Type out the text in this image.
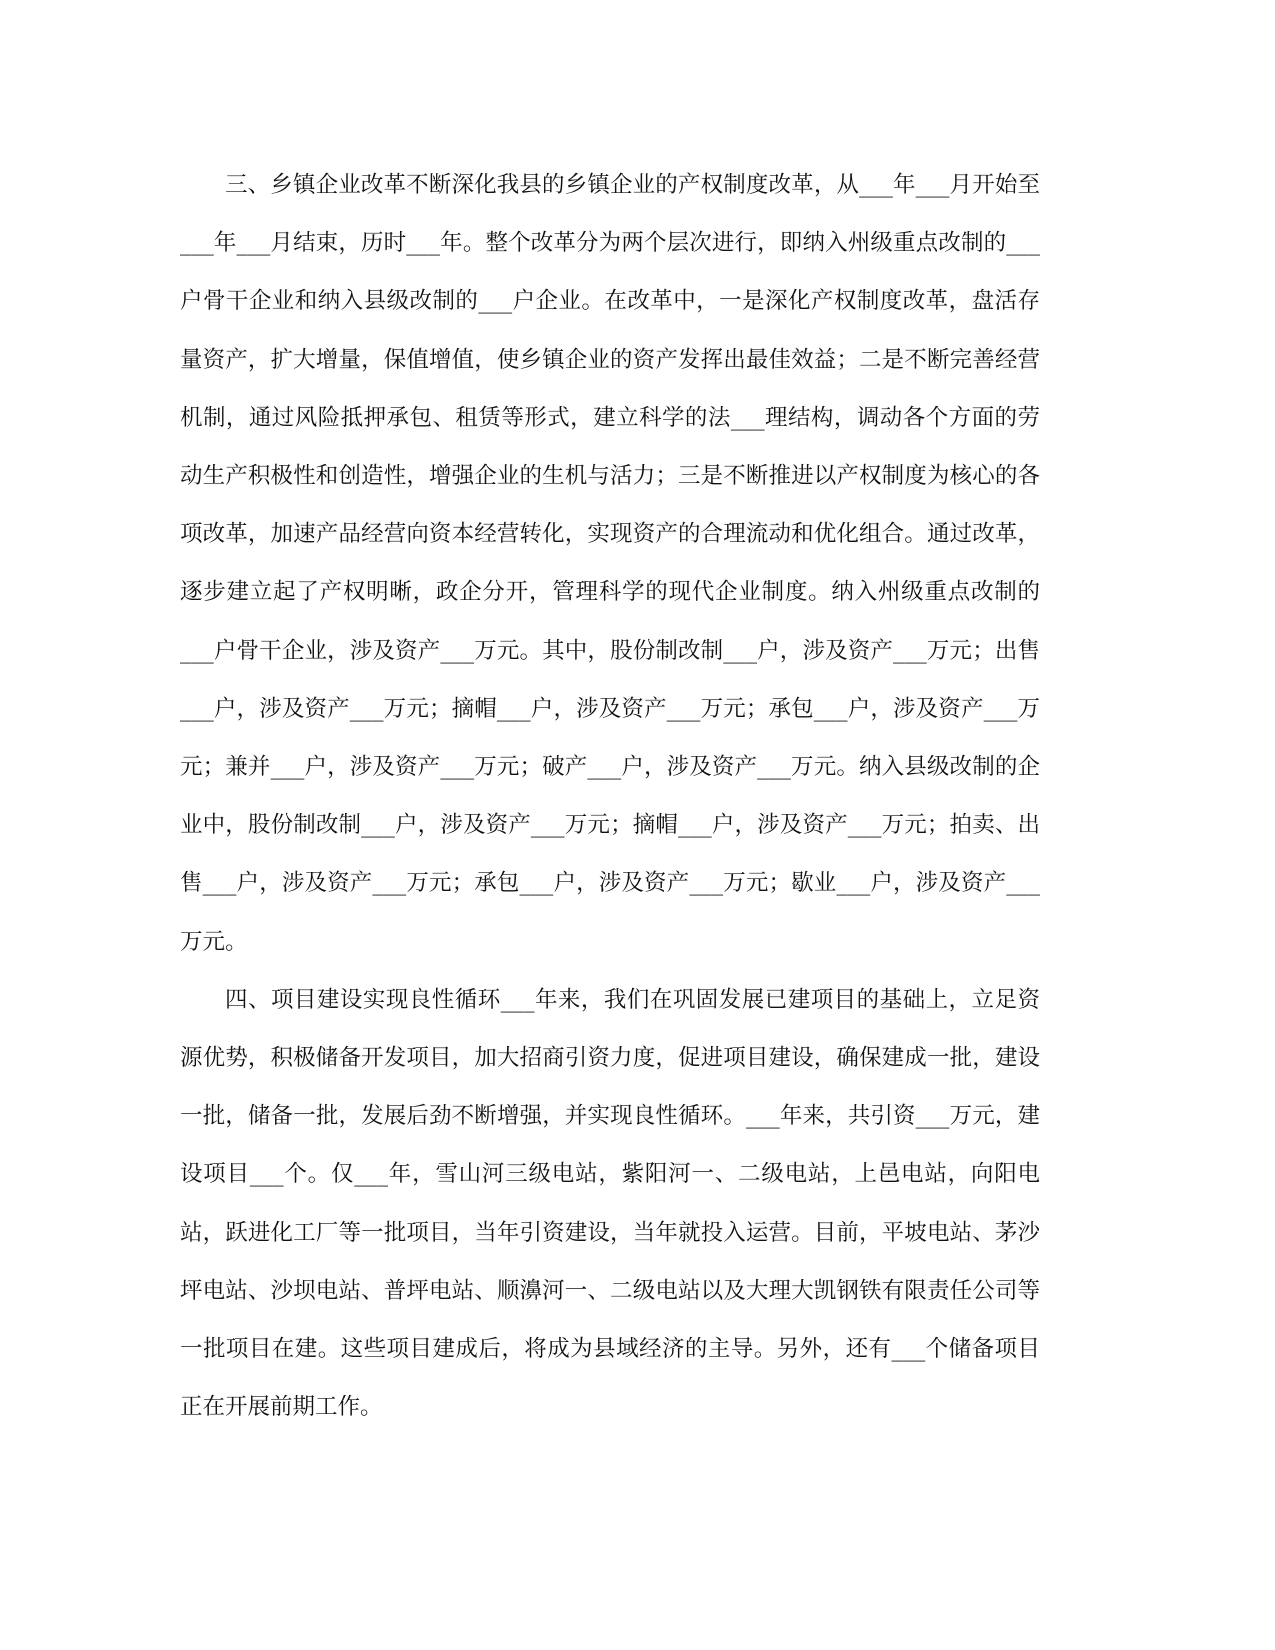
三、乡镇企业改革不断深化我县的乡镇企业的产权制度改革，从___年___月开始至___年___月结束，历时___年。整个改革分为两个层次进行，即纳入州级重点改制的___户骨干企业和纳入县级改制的___户企业。在改革中，一是深化产权制度改革，盘活存量资产，扩大增量，保值增值，使乡镇企业的资产发挥出最佳效益；二是不断完善经营机制，通过风险抵押承包、租赁等形式，建立科学的法___理结构，调动各个方面的劳动生产积极性和创造性，增强企业的生机与活力；三是不断推进以产权制度为核心的各项改革，加速产品经营向资本经营转化，实现资产的合理流动和优化组合。通过改革，逐步建立起了产权明晰，政企分开，管理科学的现代企业制度。纳入州级重点改制的___户骨干企业，涉及资产___万元。其中，股份制改制___户，涉及资产___万元；出售___户，涉及资产___万元；摘帽___户，涉及资产___万元；承包___户，涉及资产___万元；兼并___户，涉及资产___万元；破产___户，涉及资产___万元。纳入县级改制的企业中，股份制改制___户，涉及资产___万元；摘帽___户，涉及资产___万元；拍卖、出售___户，涉及资产___万元；承包___户，涉及资产___万元；歇业___户，涉及资产___万元。

四、项目建设实现良性循环___年来，我们在巩固发展已建项目的基础上，立足资源优势，积极储备开发项目，加大招商引资力度，促进项目建设，确保建成一批，建设一批，储备一批，发展后劲不断增强，并实现良性循环。___年来，共引资___万元，建设项目___个。仅___年，雪山河三级电站，紫阳河一、二级电站，上邑电站，向阳电站，跃进化工厂等一批项目，当年引资建设，当年就投入运营。目前，平坡电站、茅沙坪电站、沙坝电站、普坪电站、顺濞河一、二级电站以及大理大凯钢铁有限责任公司等一批项目在建。这些项目建成后，将成为县域经济的主导。另外，还有___个储备项目正在开展前期工作。
